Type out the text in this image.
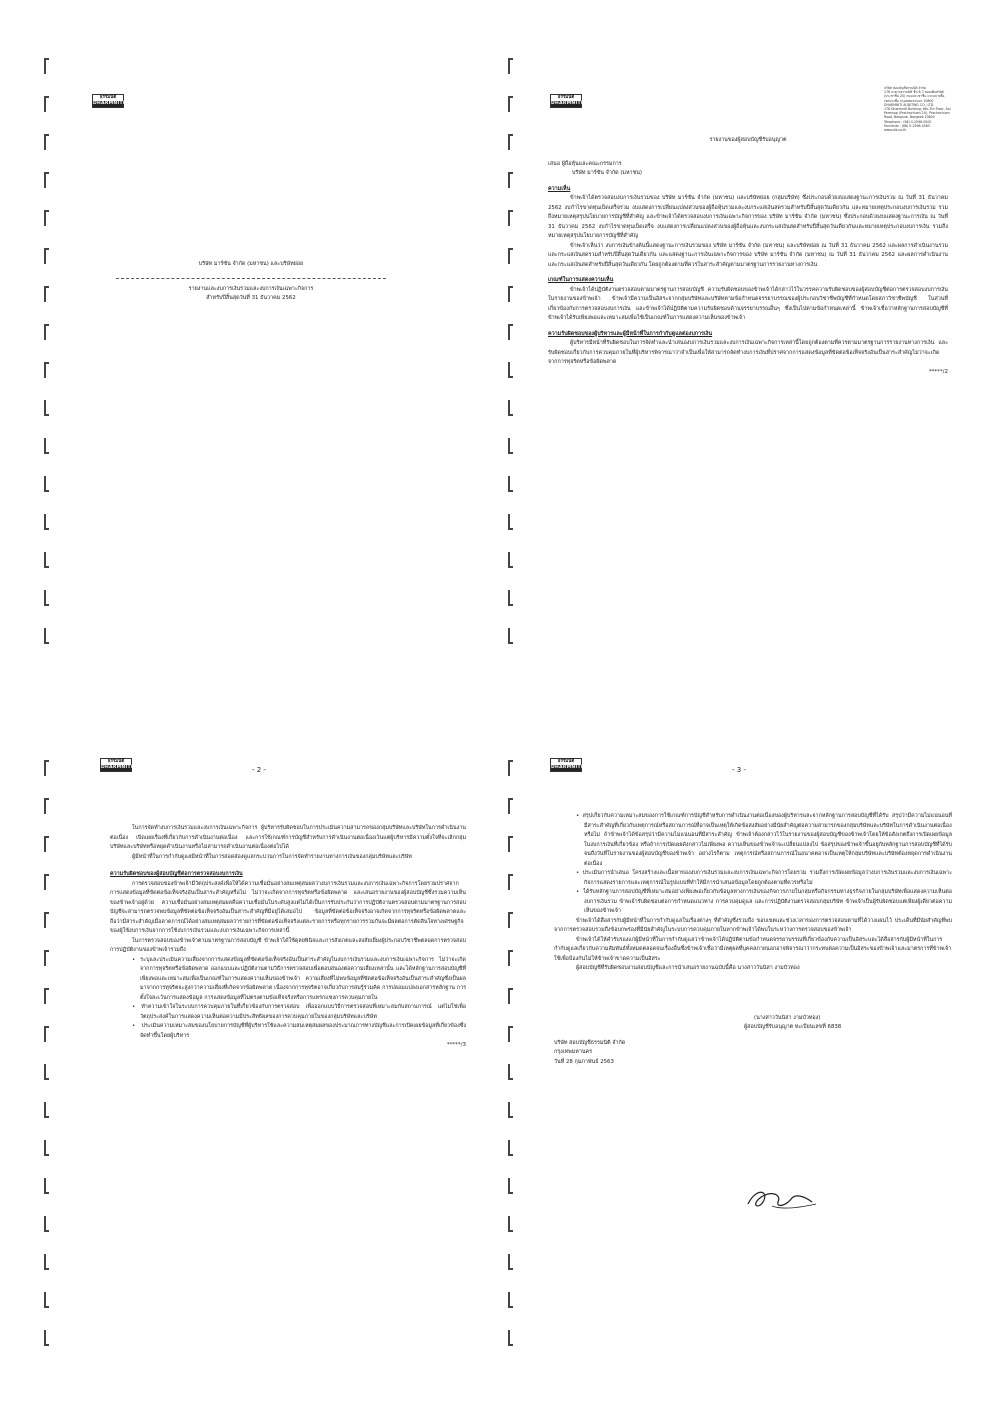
ธรรมนิติ
DHARMNITI

บริษัท มาร์ซัน จำกัด (มหาชน) และบริษัทย่อย

รายงานและงบการเงินรวมและงบการเงินเฉพาะกิจการ

สำหรับปีสิ้นสุดวันที่ 31 ธันวาคม 2562

ธรรมนิติ
DHARMNITI
บริษัท สอบบัญชีธรรมนิติ จำกัด
178 อาคารธรรมนิติ ชั้น 6-7 ซอยเพิ่มทรัพย์
(ประชาชื่น 20) ถนนประชาชื่น แขวงบางซื่อ
เขตบางซื่อ กรุงเทพมหานคร 10800
DHARMNITI AUDITING CO., LTD.
178 Dharmniti Building, 6th-7th Floor, Soi
Permsap (Prachachuen 20), Prachachuen
Road, Bangsue, Bangkok 10800
Telephone : (66) 0-2596-0500
Facsimile : (66) 0-2596-0563
www.dia.co.th

รายงานของผู้สอบบัญชีรับอนุญาต

เสนอ ผู้ถือหุ้นและคณะกรรมการ

บริษัท มาร์ซัน จำกัด (มหาชน)

ความเห็น

ข้าพเจ้าได้ตรวจสอบงบการเงินรวมของ บริษัท มาร์ซัน จำกัด (มหาชน) และบริษัทย่อย (กลุ่มบริษัท) ซึ่งประกอบด้วยงบแสดงฐานะการเงินรวม ณ วันที่ 31 ธันวาคม 2562 งบกำไรขาดทุนเบ็ดเสร็จรวม งบแสดงการเปลี่ยนแปลงส่วนของผู้ถือหุ้นรวมและงบกระแสเงินสดรวมสำหรับปีสิ้นสุดวันเดียวกัน และหมายเหตุประกอบงบการเงินรวม รวมถึงหมายเหตุสรุปนโยบายการบัญชีที่สำคัญ และข้าพเจ้าได้ตรวจสอบงบการเงินเฉพาะกิจการของ บริษัท มาร์ซัน จำกัด (มหาชน) ซึ่งประกอบด้วยงบแสดงฐานะการเงิน ณ วันที่ 31 ธันวาคม 2562 งบกำไรขาดทุนเบ็ดเสร็จ งบแสดงการเปลี่ยนแปลงส่วนของผู้ถือหุ้นและงบกระแสเงินสดสำหรับปีสิ้นสุดวันเดียวกันและหมายเหตุประกอบงบการเงิน รวมถึงหมายเหตุสรุปนโยบายการบัญชีที่สำคัญ

ข้าพเจ้าเห็นว่า งบการเงินข้างต้นนี้แสดงฐานะการเงินรวมของ บริษัท มาร์ซัน จำกัด (มหาชน) และบริษัทย่อย ณ วันที่ 31 ธันวาคม 2562 และผลการดำเนินงานรวมและกระแสเงินสดรวมสำหรับปีสิ้นสุดวันเดียวกัน และแสดงฐานะการเงินเฉพาะกิจการของ บริษัท มาร์ซัน จำกัด (มหาชน) ณ วันที่ 31 ธันวาคม 2562 และผลการดำเนินงานและกระแสเงินสดสำหรับปีสิ้นสุดวันเดียวกัน โดยถูกต้องตามที่ควรในสาระสำคัญตามมาตรฐานการรายงานทางการเงิน

เกณฑ์ในการแสดงความเห็น

ข้าพเจ้าได้ปฏิบัติงานตรวจสอบตามมาตรฐานการสอบบัญชี ความรับผิดชอบของข้าพเจ้าได้กล่าวไว้ในวรรคความรับผิดชอบของผู้สอบบัญชีต่อการตรวจสอบงบการเงินในรายงานของข้าพเจ้า ข้าพเจ้ามีความเป็นอิสระจากกลุ่มบริษัทและบริษัทตามข้อกำหนดจรรยาบรรณของผู้ประกอบวิชาชีพบัญชีที่กำหนดโดยสภาวิชาชีพบัญชี ในส่วนที่เกี่ยวข้องกับการตรวจสอบงบการเงิน และข้าพเจ้าได้ปฏิบัติตามความรับผิดชอบด้านจรรยาบรรณอื่นๆ ซึ่งเป็นไปตามข้อกำหนดเหล่านี้ ข้าพเจ้าเชื่อว่าหลักฐานการสอบบัญชีที่ข้าพเจ้าได้รับเพียงพอและเหมาะสมเพื่อใช้เป็นเกณฑ์ในการแสดงความเห็นของข้าพเจ้า

ความรับผิดชอบของผู้บริหารและผู้มีหน้าที่ในการกำกับดูแลต่องบการเงิน

ผู้บริหารมีหน้าที่รับผิดชอบในการจัดทำและนำเสนองบการเงินรวมและงบการเงินเฉพาะกิจการเหล่านี้โดยถูกต้องตามที่ควรตามมาตรฐานการรายงานทางการเงิน และรับผิดชอบเกี่ยวกับการควบคุมภายในที่ผู้บริหารพิจารณาว่าจำเป็นเพื่อให้สามารถจัดทำงบการเงินที่ปราศจากการแสดงข้อมูลที่ขัดต่อข้อเท็จจริงอันเป็นสาระสำคัญไม่ว่าจะเกิดจากการทุจริตหรือข้อผิดพลาด

*****/2

ธรรมนิติ
DHARMNITI	- 2 -

ในการจัดทำงบการเงินรวมและงบการเงินเฉพาะกิจการ ผู้บริหารรับผิดชอบในการประเมินความสามารถของกลุ่มบริษัทและบริษัทในการดำเนินงานต่อเนื่อง เปิดเผยเรื่องที่เกี่ยวกับการดำเนินงานต่อเนื่อง และการใช้เกณฑ์การบัญชีสำหรับการดำเนินงานต่อเนื่องเว้นแต่ผู้บริหารมีความตั้งใจที่จะเลิกกลุ่มบริษัทและบริษัทหรือหยุดดำเนินงานหรือไม่สามารถดำเนินงานต่อเนื่องต่อไปได้

ผู้มีหน้าที่ในการกำกับดูแลมีหน้าที่ในการสอดส่องดูแลกระบวนการในการจัดทำรายงานทางการเงินของกลุ่มบริษัทและบริษัท

ความรับผิดชอบของผู้สอบบัญชีต่อการตรวจสอบงบการเงิน

การตรวจสอบของข้าพเจ้ามีวัตถุประสงค์เพื่อให้ได้ความเชื่อมั่นอย่างสมเหตุสมผลว่างบการเงินรวมและงบการเงินเฉพาะกิจการโดยรวมปราศจากการแสดงข้อมูลที่ขัดต่อข้อเท็จจริงอันเป็นสาระสำคัญหรือไม่ ไม่ว่าจะเกิดจากการทุจริตหรือข้อผิดพลาด และเสนอรายงานของผู้สอบบัญชีซึ่งรวมความเห็นของข้าพเจ้าอยู่ด้วย ความเชื่อมั่นอย่างสมเหตุสมผลคือความเชื่อมั่นในระดับสูงแต่ไม่ได้เป็นการรับประกันว่าการปฏิบัติงานตรวจสอบตามมาตรฐานการสอบบัญชีจะสามารถตรวจพบข้อมูลที่ขัดต่อข้อเท็จจริงอันเป็นสาระสำคัญที่มีอยู่ได้เสมอไป ข้อมูลที่ขัดต่อข้อเท็จจริงอาจเกิดจากการทุจริตหรือข้อผิดพลาดและถือว่ามีสาระสำคัญเมื่อคาดการณ์ได้อย่างสมเหตุสมผลว่ารายการที่ขัดต่อข้อเท็จจริงแต่ละรายการหรือทุกรายการรวมกันจะมีผลต่อการตัดสินใจทางเศรษฐกิจของผู้ใช้งบการเงินจากการใช้งบการเงินรวมและงบการเงินเฉพาะกิจการเหล่านี้

ในการตรวจสอบของข้าพเจ้าตามมาตรฐานการสอบบัญชี ข้าพเจ้าได้ใช้ดุลยพินิจและการสังเกตและสงสัยเยี่ยงผู้ประกอบวิชาชีพตลอดการตรวจสอบ การปฏิบัติงานของข้าพเจ้ารวมถึง

• ระบุและประเมินความเสี่ยงจากการแสดงข้อมูลที่ขัดต่อข้อเท็จจริงอันเป็นสาระสำคัญในงบการเงินรวมและงบการเงินเฉพาะกิจการ ไม่ว่าจะเกิดจากการทุจริตหรือข้อผิดพลาด ออกแบบและปฏิบัติงานตามวิธีการตรวจสอบเพื่อตอบสนองต่อความเสี่ยงเหล่านั้น และได้หลักฐานการสอบบัญชีที่เพียงพอและเหมาะสมเพื่อเป็นเกณฑ์ในการแสดงความเห็นของข้าพเจ้า ความเสี่ยงที่ไม่พบข้อมูลที่ขัดต่อข้อเท็จจริงอันเป็นสาระสำคัญซึ่งเป็นผลมาจากการทุจริตจะสูงกว่าความเสี่ยงที่เกิดจากข้อผิดพลาด เนื่องจากการทุจริตอาจเกี่ยวกับการสมรู้ร่วมคิด การปลอมแปลงเอกสารหลักฐาน การตั้งใจละเว้นการแสดงข้อมูล การแสดงข้อมูลที่ไม่ตรงตามข้อเท็จจริงหรือการแทรกแซงการควบคุมภายใน

• ทำความเข้าใจในระบบการควบคุมภายในที่เกี่ยวข้องกับการตรวจสอบ เพื่อออกแบบวิธีการตรวจสอบที่เหมาะสมกับสถานการณ์ แต่ไม่ใช่เพื่อวัตถุประสงค์ในการแสดงความเห็นต่อความมีประสิทธิผลของการควบคุมภายในของกลุ่มบริษัทและบริษัท

• ประเมินความเหมาะสมของนโยบายการบัญชีที่ผู้บริหารใช้และความสมเหตุสมผลของประมาณการทางบัญชีและการเปิดเผยข้อมูลที่เกี่ยวข้องซึ่งจัดทำขึ้นโดยผู้บริหาร

*****/3

ธรรมนิติ
DHARMNITI	- 3 -

• สรุปเกี่ยวกับความเหมาะสมของการใช้เกณฑ์การบัญชีสำหรับการดำเนินงานต่อเนื่องของผู้บริหารและจากหลักฐานการสอบบัญชีที่ได้รับ สรุปว่ามีความไม่แน่นอนที่มีสาระสำคัญที่เกี่ยวกับเหตุการณ์หรือสถานการณ์ที่อาจเป็นเหตุให้เกิดข้อสงสัยอย่างมีนัยสำคัญต่อความสามารถของกลุ่มบริษัทและบริษัทในการดำเนินงานต่อเนื่องหรือไม่ ถ้าข้าพเจ้าได้ข้อสรุปว่ามีความไม่แน่นอนที่มีสาระสำคัญ ข้าพเจ้าต้องกล่าวไว้ในรายงานของผู้สอบบัญชีของข้าพเจ้าโดยให้ข้อสังเกตถึงการเปิดเผยข้อมูลในงบการเงินที่เกี่ยวข้อง หรือถ้าการเปิดเผยดังกล่าวไม่เพียงพอ ความเห็นของข้าพเจ้าจะเปลี่ยนแปลงไป ข้อสรุปของข้าพเจ้าขึ้นอยู่กับหลักฐานการสอบบัญชีที่ได้รับจนถึงวันที่ในรายงานของผู้สอบบัญชีของข้าพเจ้า อย่างไรก็ตาม เหตุการณ์หรือสถานการณ์ในอนาคตอาจเป็นเหตุให้กลุ่มบริษัทและบริษัทต้องหยุดการดำเนินงานต่อเนื่อง

• ประเมินการนำเสนอ โครงสร้างและเนื้อหาของงบการเงินรวมและงบการเงินเฉพาะกิจการโดยรวม รวมถึงการเปิดเผยข้อมูลว่างบการเงินรวมและงบการเงินเฉพาะกิจการแสดงรายการและเหตุการณ์ในรูปแบบที่ทำให้มีการนำเสนอข้อมูลโดยถูกต้องตามที่ควรหรือไม่

• ได้รับหลักฐานการสอบบัญชีที่เหมาะสมอย่างเพียงพอเกี่ยวกับข้อมูลทางการเงินของกิจการภายในกลุ่มหรือกิจกรรมทางธุรกิจภายในกลุ่มบริษัทเพื่อแสดงความเห็นต่องบการเงินรวม ข้าพเจ้ารับผิดชอบต่อการกำหนดแนวทาง การควบคุมดูแล และการปฏิบัติงานตรวจสอบกลุ่มบริษัท ข้าพเจ้าเป็นผู้รับผิดชอบแต่เพียงผู้เดียวต่อความเห็นของข้าพเจ้า

ข้าพเจ้าได้สื่อสารกับผู้มีหน้าที่ในการกำกับดูแลในเรื่องต่างๆ ที่สำคัญซึ่งรวมถึง ขอบเขตและช่วงเวลาของการตรวจสอบตามที่ได้วางแผนไว้ ประเด็นที่มีนัยสำคัญที่พบจากการตรวจสอบรวมถึงข้อบกพร่องที่มีนัยสำคัญในระบบการควบคุมภายในหากข้าพเจ้าได้พบในระหว่างการตรวจสอบของข้าพเจ้า

ข้าพเจ้าได้ให้คำรับรองแก่ผู้มีหน้าที่ในการกำกับดูแลว่าข้าพเจ้าได้ปฏิบัติตามข้อกำหนดจรรยาบรรณที่เกี่ยวข้องกับความเป็นอิสระและได้สื่อสารกับผู้มีหน้าที่ในการกำกับดูแลเกี่ยวกับความสัมพันธ์ทั้งหมดตลอดจนเรื่องอื่นซึ่งข้าพเจ้าเชื่อว่ามีเหตุผลที่บุคคลภายนอกอาจพิจารณาว่ากระทบต่อความเป็นอิสระของข้าพเจ้าและมาตรการที่ข้าพเจ้าใช้เพื่อป้องกันไม่ให้ข้าพเจ้าขาดความเป็นอิสระ

ผู้สอบบัญชีที่รับผิดชอบงานสอบบัญชีและการนำเสนอรายงานฉบับนี้คือ นางสาววันนิสา งามบัวทอง

(นางสาววันนิสา งามบัวทอง)

ผู้สอบบัญชีรับอนุญาต ทะเบียนเลขที่ 6838

บริษัท สอบบัญชีธรรมนิติ จำกัด

กรุงเทพมหานคร

วันที่ 28 กุมภาพันธ์ 2563
